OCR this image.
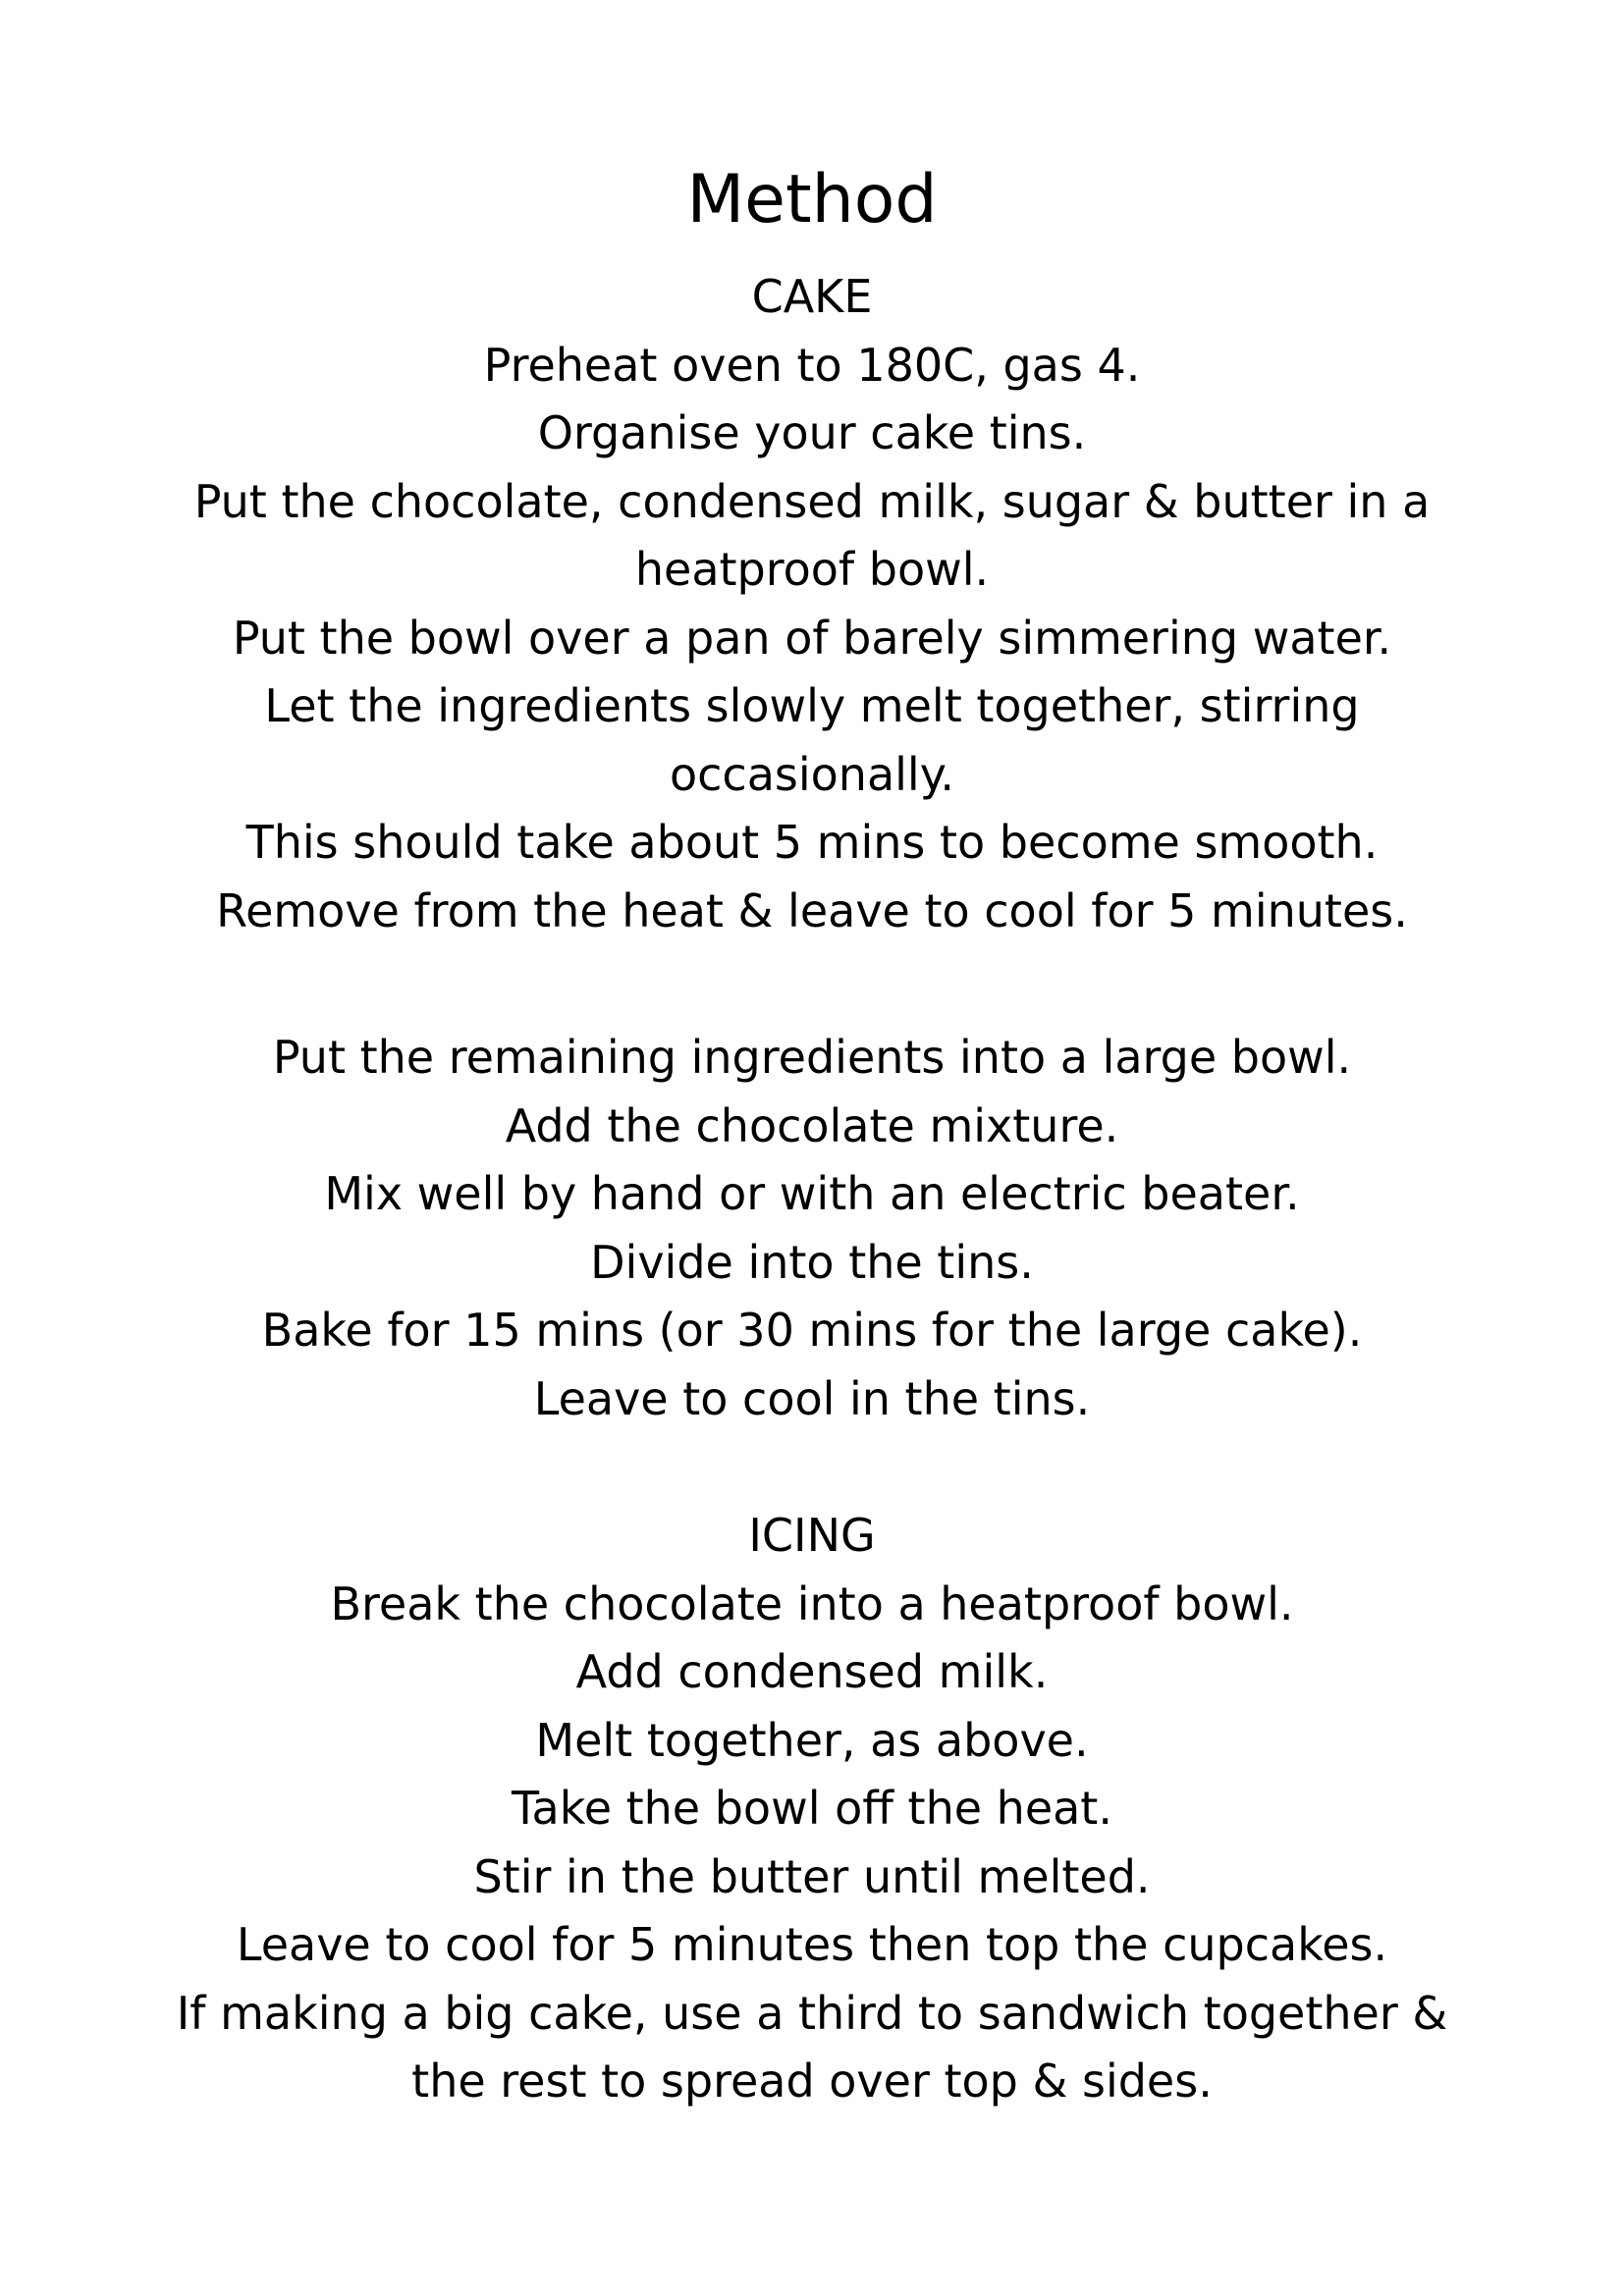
Method
CAKE
Preheat oven to 180C, gas 4.
Organise your cake tins.
Put the chocolate, condensed milk, sugar & butter in a
heatproof bowl.
Put the bowl over a pan of barely simmering water.
Let the ingredients slowly melt together, stirring
occasionally.
This should take about 5 mins to become smooth.
Remove from the heat & leave to cool for 5 minutes.
Put the remaining ingredients into a large bowl.
Add the chocolate mixture.
Mix well by hand or with an electric beater.
Divide into the tins.
Bake for 15 mins (or 30 mins for the large cake).
Leave to cool in the tins.
ICING
Break the chocolate into a heatproof bowl.
Add condensed milk.
Melt together, as above.
Take the bowl off the heat.
Stir in the butter until melted.
Leave to cool for 5 minutes then top the cupcakes.
If making a big cake, use a third to sandwich together &
the rest to spread over top & sides.
